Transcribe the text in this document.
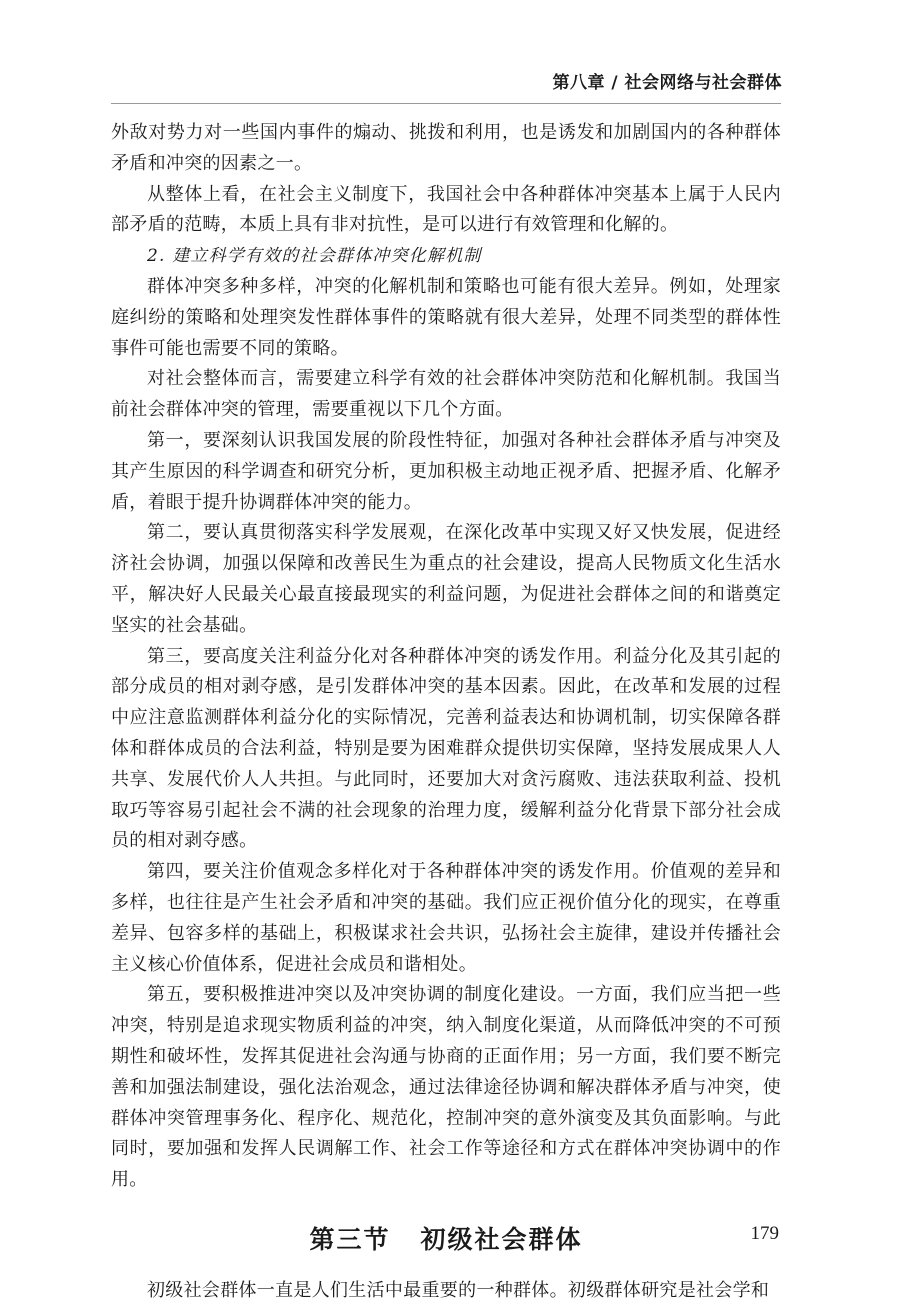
第八章 / 社会网络与社会群体

外敌对势力对一些国内事件的煽动、挑拨和利用，也是诱发和加剧国内的各种群体矛盾和冲突的因素之一。

从整体上看，在社会主义制度下，我国社会中各种群体冲突基本上属于人民内部矛盾的范畴，本质上具有非对抗性，是可以进行有效管理和化解的。

2. 建立科学有效的社会群体冲突化解机制

群体冲突多种多样，冲突的化解机制和策略也可能有很大差异。例如，处理家庭纠纷的策略和处理突发性群体事件的策略就有很大差异，处理不同类型的群体性事件可能也需要不同的策略。

对社会整体而言，需要建立科学有效的社会群体冲突防范和化解机制。我国当前社会群体冲突的管理，需要重视以下几个方面。

第一，要深刻认识我国发展的阶段性特征，加强对各种社会群体矛盾与冲突及其产生原因的科学调查和研究分析，更加积极主动地正视矛盾、把握矛盾、化解矛盾，着眼于提升协调群体冲突的能力。

第二，要认真贯彻落实科学发展观，在深化改革中实现又好又快发展，促进经济社会协调，加强以保障和改善民生为重点的社会建设，提高人民物质文化生活水平，解决好人民最关心最直接最现实的利益问题，为促进社会群体之间的和谐奠定坚实的社会基础。

第三，要高度关注利益分化对各种群体冲突的诱发作用。利益分化及其引起的部分成员的相对剥夺感，是引发群体冲突的基本因素。因此，在改革和发展的过程中应注意监测群体利益分化的实际情况，完善利益表达和协调机制，切实保障各群体和群体成员的合法利益，特别是要为困难群众提供切实保障，坚持发展成果人人共享、发展代价人人共担。与此同时，还要加大对贪污腐败、违法获取利益、投机取巧等容易引起社会不满的社会现象的治理力度，缓解利益分化背景下部分社会成员的相对剥夺感。

第四，要关注价值观念多样化对于各种群体冲突的诱发作用。价值观的差异和多样，也往往是产生社会矛盾和冲突的基础。我们应正视价值分化的现实，在尊重差异、包容多样的基础上，积极谋求社会共识，弘扬社会主旋律，建设并传播社会主义核心价值体系，促进社会成员和谐相处。

第五，要积极推进冲突以及冲突协调的制度化建设。一方面，我们应当把一些冲突，特别是追求现实物质利益的冲突，纳入制度化渠道，从而降低冲突的不可预期性和破坏性，发挥其促进社会沟通与协商的正面作用；另一方面，我们要不断完善和加强法制建设，强化法治观念，通过法律途径协调和解决群体矛盾与冲突，使群体冲突管理事务化、程序化、规范化，控制冲突的意外演变及其负面影响。与此同时，要加强和发挥人民调解工作、社会工作等途径和方式在群体冲突协调中的作用。

第三节 初级社会群体

初级社会群体一直是人们生活中最重要的一种群体。初级群体研究是社会学和

179
